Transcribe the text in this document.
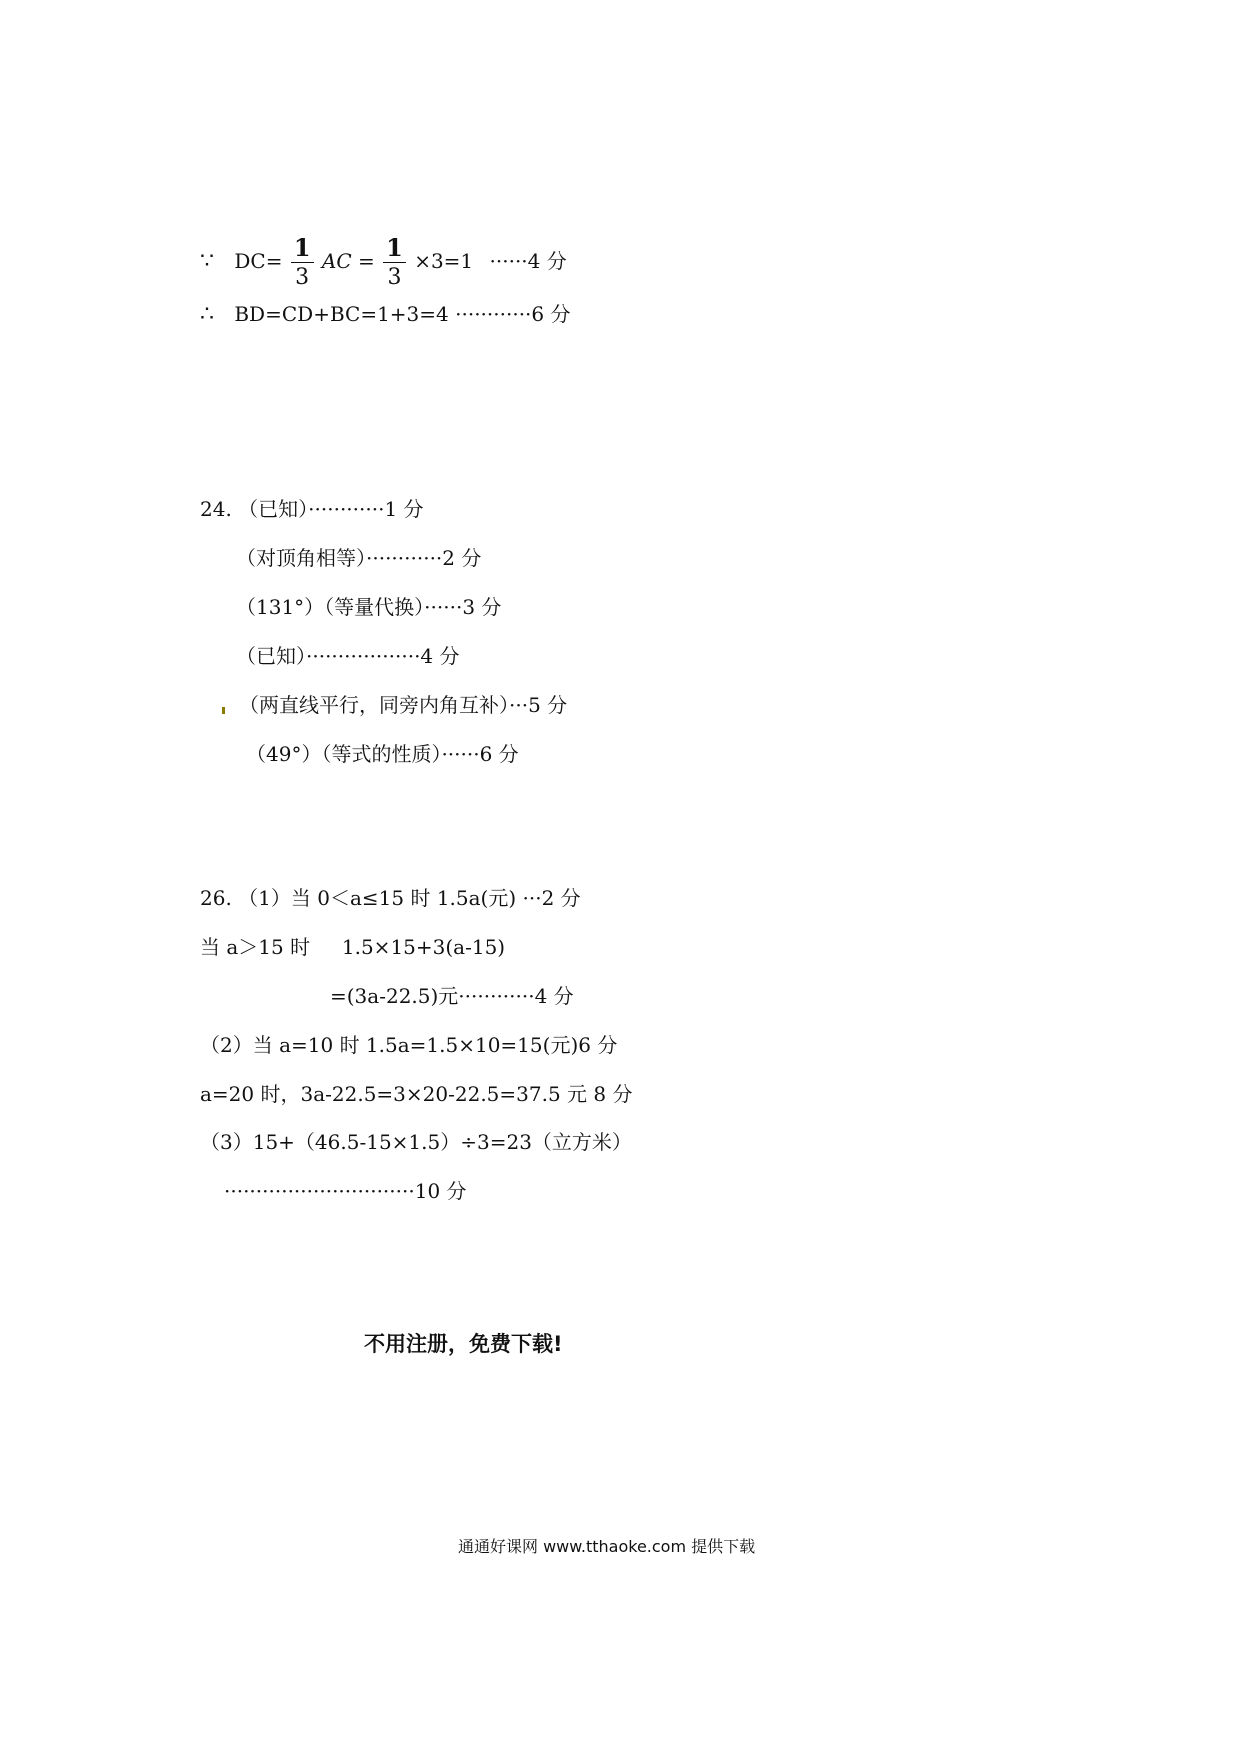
∵ $DC= \frac{1}{3}$ AC = $\frac{1}{3} \times 3=1 \cdot\cdot\cdot\cdot\cdot\cdot 4$ 分
∴ BD=CD+BC=1+3=4 ············6 分
24. （已知）············1 分
（对顶角相等）············2 分
（131°）（等量代换）······3 分
（已知）··················4 分
（两直线平行，同旁内角互补）···5 分
（49°）（等式的性质）······6 分
26. （1）当 0＜a≤15 时 1.5a(元) ···2 分
当 a＞15 时     1.5×15+3(a-15)
=(3a-22.5)元············4 分
（2）当 a=10 时 1.5a=1.5×10=15(元)6 分
a=20 时，3a-22.5=3×20-22.5=37.5 元 8 分
（3）15+（46.5-15×1.5）÷3=23（立方米）
······························10 分
不用注册，免费下载!
通通好课网 www.tthaoke.com 提供下载
